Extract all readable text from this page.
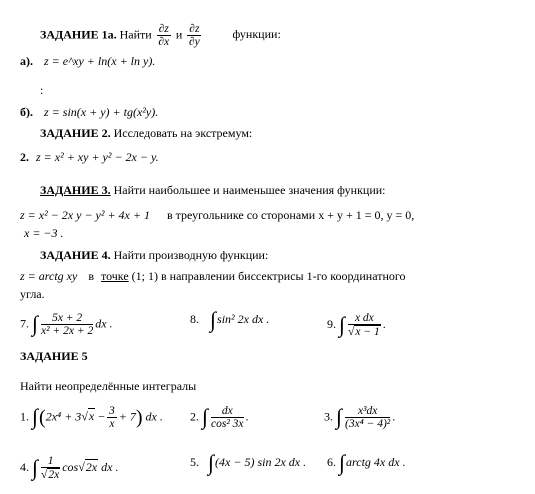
ЗАДАНИЕ 1а. Найти $\frac{\partial z}{\partial x}$ и $\frac{\partial z}{\partial y}$	функции:
а). z = e^xy + ln(x + ln y).
:
б). z = sin(x + y) + tg(x²y).
ЗАДАНИЕ 2. Исследовать на экстремум:
2. z = x² + xy + y² − 2x − y.
ЗАДАНИЕ 3. Найти наибольшее и наименьшее значения функции:
z = x² − 2x y − y² + 4x + 1 в треугольнике со сторонами x + y + 1 = 0, y = 0,
x = −3 .
ЗАДАНИЕ 4. Найти производную функции:
z = arctg xy в точке (1; 1) в направлении биссектрисы 1-го координатного
угла.
7. ∫ $\frac{5x + 2}{\text{x² + 2x + 2}}$ dx .	8. ∫sin² 2x dx .	9. ∫ $\frac{\text{x dx}}{√x - 1}$ .
ЗАДАНИЕ 5
Найти неопределённые интегралы
1. $\int(2x^4 + 3√x - \frac{3}{x} + 7)$ dx . 2. ∫ $\frac{dx}{\text{cos² 3x}}$ .	3. ∫ $\frac{\text{x³dx}}{\text{(3x⁴ − 4)²}}$ .
4. ∫ $\frac{1}{√2x} \cos√2x$ dx .	5. ∫(4x − 5) sin 2x dx . 6. ∫arctg 4x dx .
